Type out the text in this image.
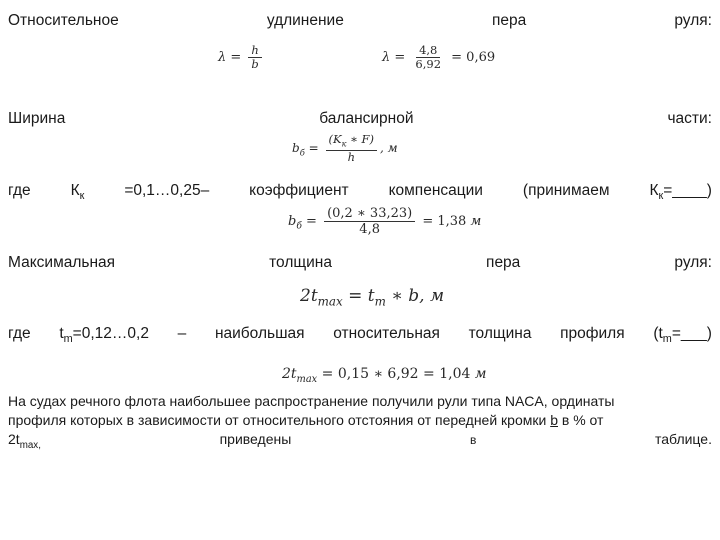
Относительное	удлинение	пера	руля:
$\lambda = \frac{h}{b}$	$\lambda = \frac{4,8}{6,92} = 0,69$
Ширина	балансирной	части:
$b_б = \frac{(K_к ∗ F)}{h}$ , м
где	$К_к$	=0,1…0,25–	коэффициент	компенсации	(принимаем	$К_к=\_\_\_\_$)
$b_б = \frac{(0,2 ∗ 33,23)}{4,8} = 1,38$ м
Максимальная	толщина	пера	руля:
$2t_{max} = t_m$ ∗ b, м
где $t_m=0,12\dots 0,2$ – наибольшая относительная толщина профиля $(t_m=\_\_\_)$
$2t_{max} = 0,15$ ∗ 6,92 = 1,04 м
На судах речного флота наибольшее распространение получили рули типа NACA, ординаты
профиля которых в зависимости от относительного отстояния от передней кромки b в % от
$2t_{max,}$	приведены	в	таблице.
